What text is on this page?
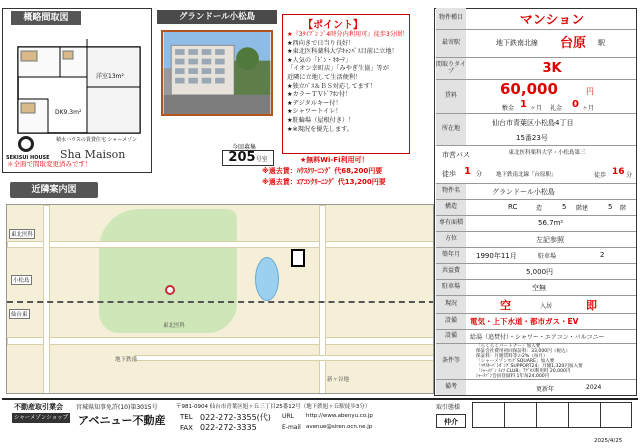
概略間取図
洋室13m²
DK9.3m²
＊全面で間取変更済みです！
グランドール小松島
【ポイント】
★『3ﾀｲﾌﾟﾝ ﾝﾟ4時分内利用可』徒歩3分圏！
★西向きで日当り良好！
★東北医科薬科大学ｷｬﾝﾊﾟｽ目前に立地！
★人気の「ﾄﾞﾝ・ｷﾎｰﾃ」
「イオン幸町店」「みやぎ生協」等が
近隣に立地して生活便利！
★独立ﾊﾞｽ＆ＢＳ対応してます！
★カラーＴＶﾄﾞｱﾎﾝ付！
★デジタルキー付！
★シャワートイレ！
★駐輪場（屋根付き）！
★※現況を優先します。
SEKISUI HOUSE
積水ハウスの賃貸住宅 シャーメゾン
Sha Maison
今回募集
205 号室	★無料Wi-Fi利用可！
※過去賃：ﾊｳｽｸﾘｰﾆﾝｸﾞ 代68,200円要
※過去賃：ｴｱｺﾝｸﾘｰﾆﾝｸﾞ 代13,200円要
近隣案内図
東北医科
小松島
仙台東
東北医科
地下鉄南
新ヶ谷地
物件種目	マンション
最寄駅	地下鉄南北線 台原 駅
間取りタイプ	3K
賃料	60,000	円
敷金 1 ヶ月 礼金 0 ヶ月
所在地
仙台市青葉区小松島4丁目
15番23号
市営バス	東北医科薬科大学・小松島第三
徒歩 1 分	地下鉄南北線「台原駅」	徒歩 16 分
物件名	グランドール小松島
構造	RC	造	5 階建	5 階
専有面積	56.7m²
方位	左記参照
築年月	1990年11月	駐車場	2
共益費	5,000円
駐車場	空無
現況	空	入居	即
設備	電気・上下水道・都市ガス・EV
設備	給湯（追焚付）・シャワー・エアコン・バルコニー
条件等
「らくらくパートナー」加入要
保証会社費用初回保証料：33,000円（税込）
保証料：月額賃料等の2%（毎月）
「シャーメゾンﾏﾝｸﾞSQUARE」加入要
「ﾊｳｽｷｰﾊﾟﾄｶﾞﾝｸﾞSUPPORT24」月額1,320円加入要
「ｼｬｰﾒｿﾞﾝ ﾗｲﾌ CLUB」ｱｸﾞｾｽ利用料 20,000円
ｼｬｰﾒｿﾞﾝ会員登録料 1年毎24,000円
備考	更新年	2024
不動産取引業会 宮城県知事免許(10)第3015号
シャーメゾンショップ アベニュー不動産
〒981-0904 仙台市青葉区旭ヶ丘三丁目25番12号（地下鉄旭ヶ丘駅徒歩3分）
TEL 022-272-3355(代)
FAX 022-272-3335
URL http://www.abenyu.co.jp
E-mail avenue@siren.ocn.ne.jp
取引態様
仲介
2025/4/25
